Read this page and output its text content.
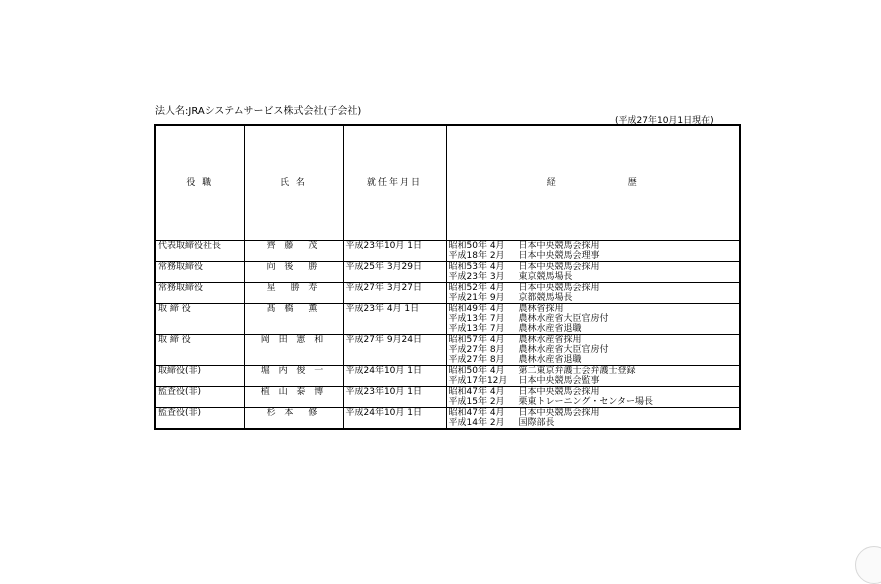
法人名:JRAシステムサービス株式会社(子会社)
(平成27年10月1日現在)
役 職	氏 名	就任年月日	経 歴
代表取締役社長	齊 藤　茂	平成23年10月 1日	昭和50年 4月 日本中央競馬会採用
平成18年 2月 日本中央競馬会理事

常務取締役	向 後　勝	平成25年 3月29日	昭和53年 4月 日本中央競馬会採用
平成23年 3月 東京競馬場長

常務取締役	星　勝 寿	平成27年 3月27日	昭和52年 4月 日本中央競馬会採用
平成21年 9月 京都競馬場長

取 締 役	髙 橋　薫	平成23年 4月 1日	昭和49年 4月 農林省採用
平成13年 7月 農林水産省大臣官房付
平成13年 7月 農林水産省退職

取 締 役	岡 田 憲 和	平成27年 9月24日	昭和57年 4月 農林水産省採用
平成27年 8月 農林水産省大臣官房付
平成27年 8月 農林水産省退職

取締役(非)	堀 内 俊 一	平成24年10月 1日	昭和50年 4月 第二東京弁護士会弁護士登録
平成17年12月 日本中央競馬会監事

監査役(非)	植 山 泰 博	平成23年10月 1日	昭和47年 4月 日本中央競馬会採用
平成15年 2月 栗東トレーニング・センター場長

監査役(非)	杉 本　修	平成24年10月 1日	昭和47年 4月 日本中央競馬会採用
平成14年 2月 国際部長
